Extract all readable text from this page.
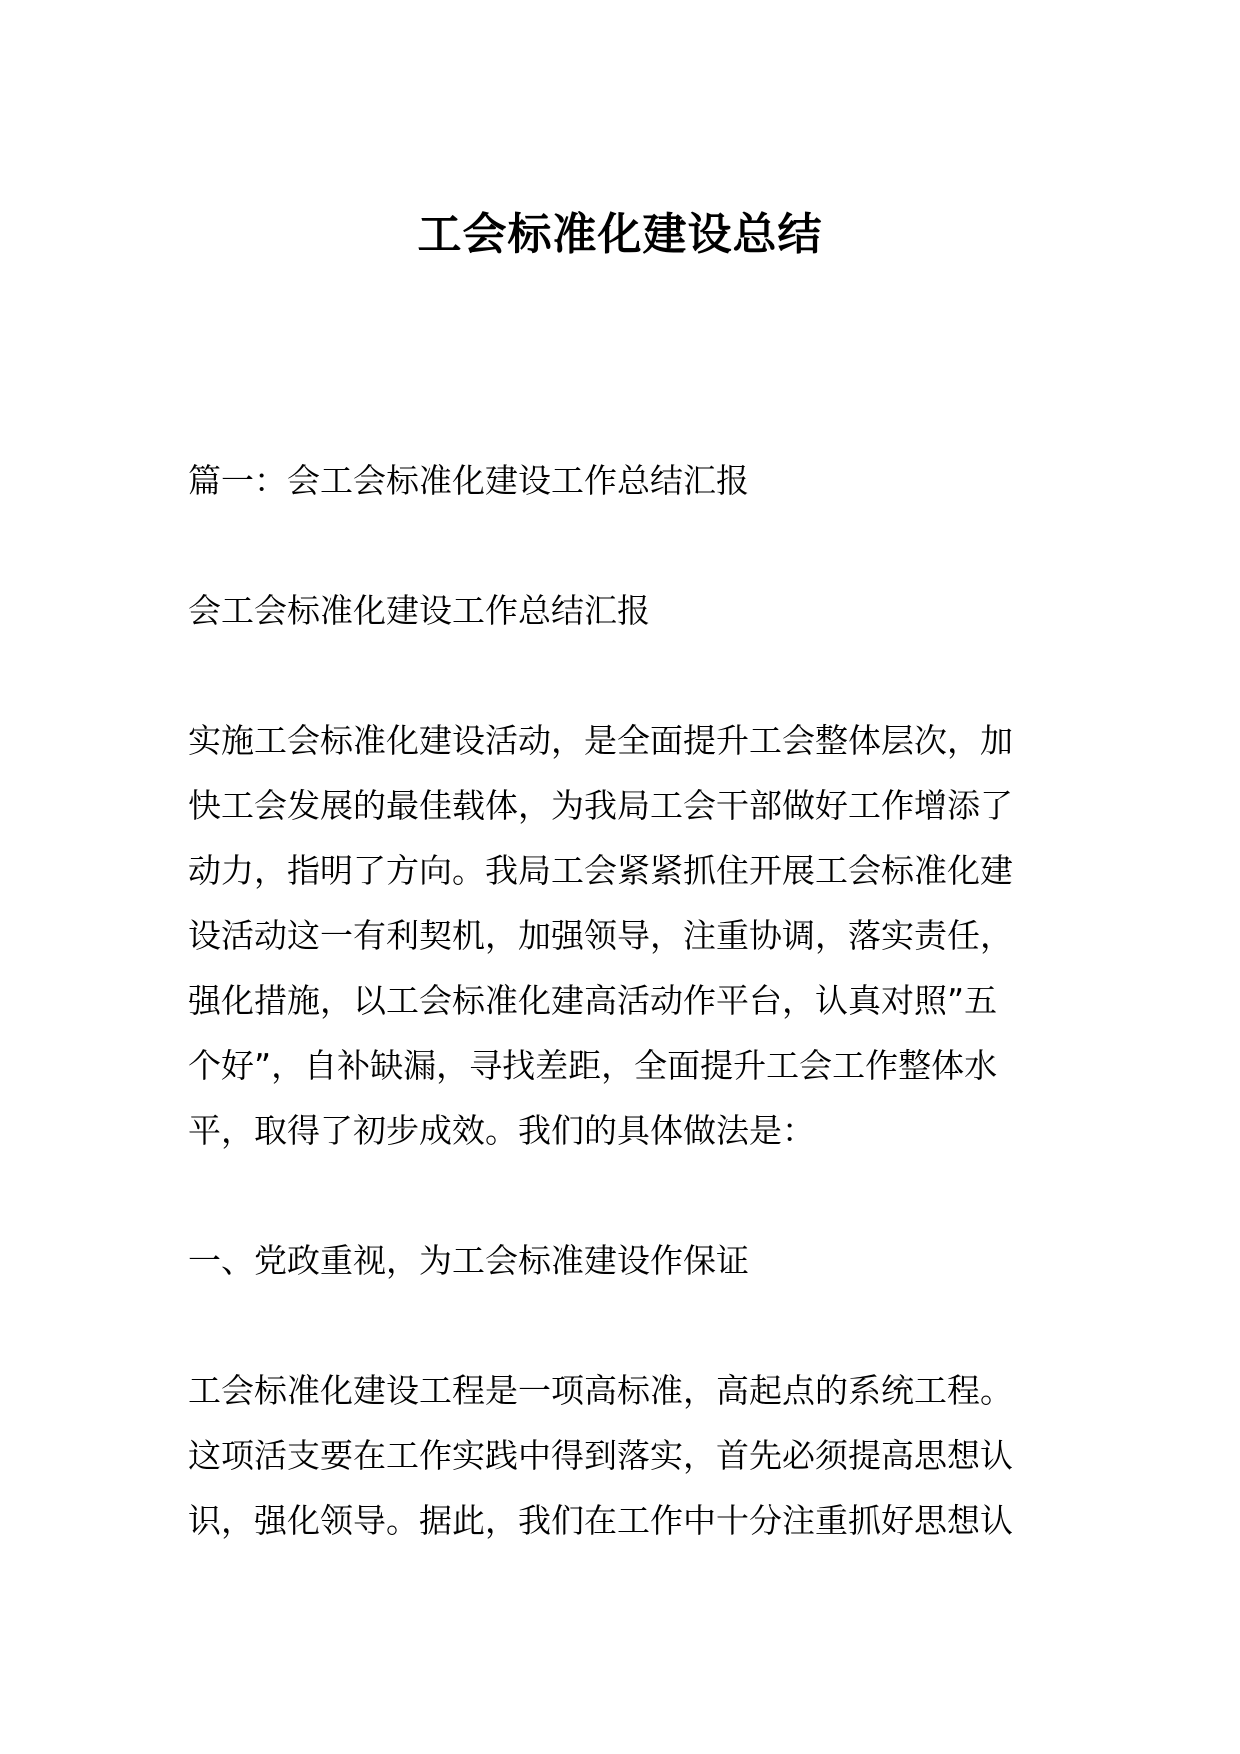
工会标准化建设总结

篇一：会工会标准化建设工作总结汇报

会工会标准化建设工作总结汇报

实施工会标准化建设活动，是全面提升工会整体层次，加
快工会发展的最佳载体，为我局工会干部做好工作增添了
动力，指明了方向。我局工会紧紧抓住开展工会标准化建
设活动这一有利契机，加强领导，注重协调，落实责任，
强化措施，以工会标准化建高活动作平台，认真对照”五
个好”，自补缺漏，寻找差距，全面提升工会工作整体水
平，取得了初步成效。我们的具体做法是：

一、党政重视，为工会标准建设作保证

工会标准化建设工程是一项高标准，高起点的系统工程。
这项活支要在工作实践中得到落实，首先必须提高思想认
识，强化领导。据此，我们在工作中十分注重抓好思想认
